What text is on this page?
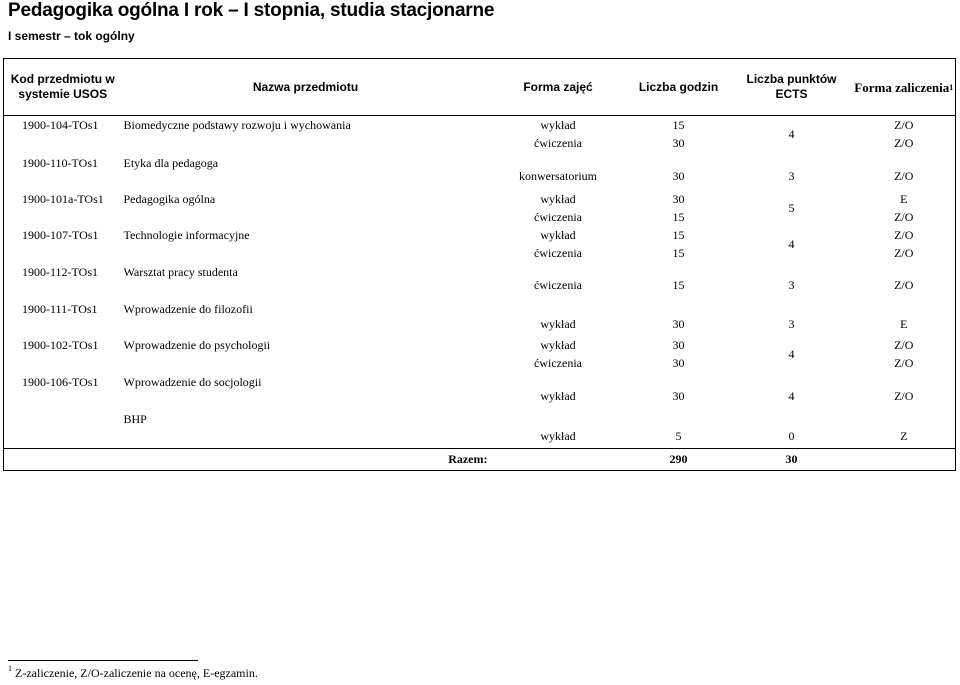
Pedagogika ogólna I rok – I stopnia, studia stacjonarne
I semestr – tok ogólny
Kod przedmiotu w systemie USOS	Nazwa przedmiotu	Forma zajęć	Liczba godzin	Liczba punktów ECTS	Forma zaliczenia$^1$
1900-104-TOs1	Biomedyczne podstawy rozwoju i wychowania	wykład	15	4	Z/O
		ćwiczenia	30		Z/O
1900-110-TOs1	Etyka dla pedagoga	konwersatorium	30	3	Z/O
1900-101a-TOs1	Pedagogika ogólna	wykład	30	5	E
		ćwiczenia	15		Z/O
1900-107-TOs1	Technologie informacyjne	wykład	15	4	Z/O
		ćwiczenia	15		Z/O
1900-112-TOs1	Warsztat pracy studenta	ćwiczenia	15	3	Z/O
1900-111-TOs1	Wprowadzenie do filozofii	wykład	30	3	E
1900-102-TOs1	Wprowadzenie do psychologii	wykład	30	4	Z/O
		ćwiczenia	30		Z/O
1900-106-TOs1	Wprowadzenie do socjologii	wykład	30	4	Z/O
	BHP	wykład	5	0	Z
Razem:			290	30	
$^1$ Z-zaliczenie, Z/O-zaliczenie na ocenę, E-egzamin.
